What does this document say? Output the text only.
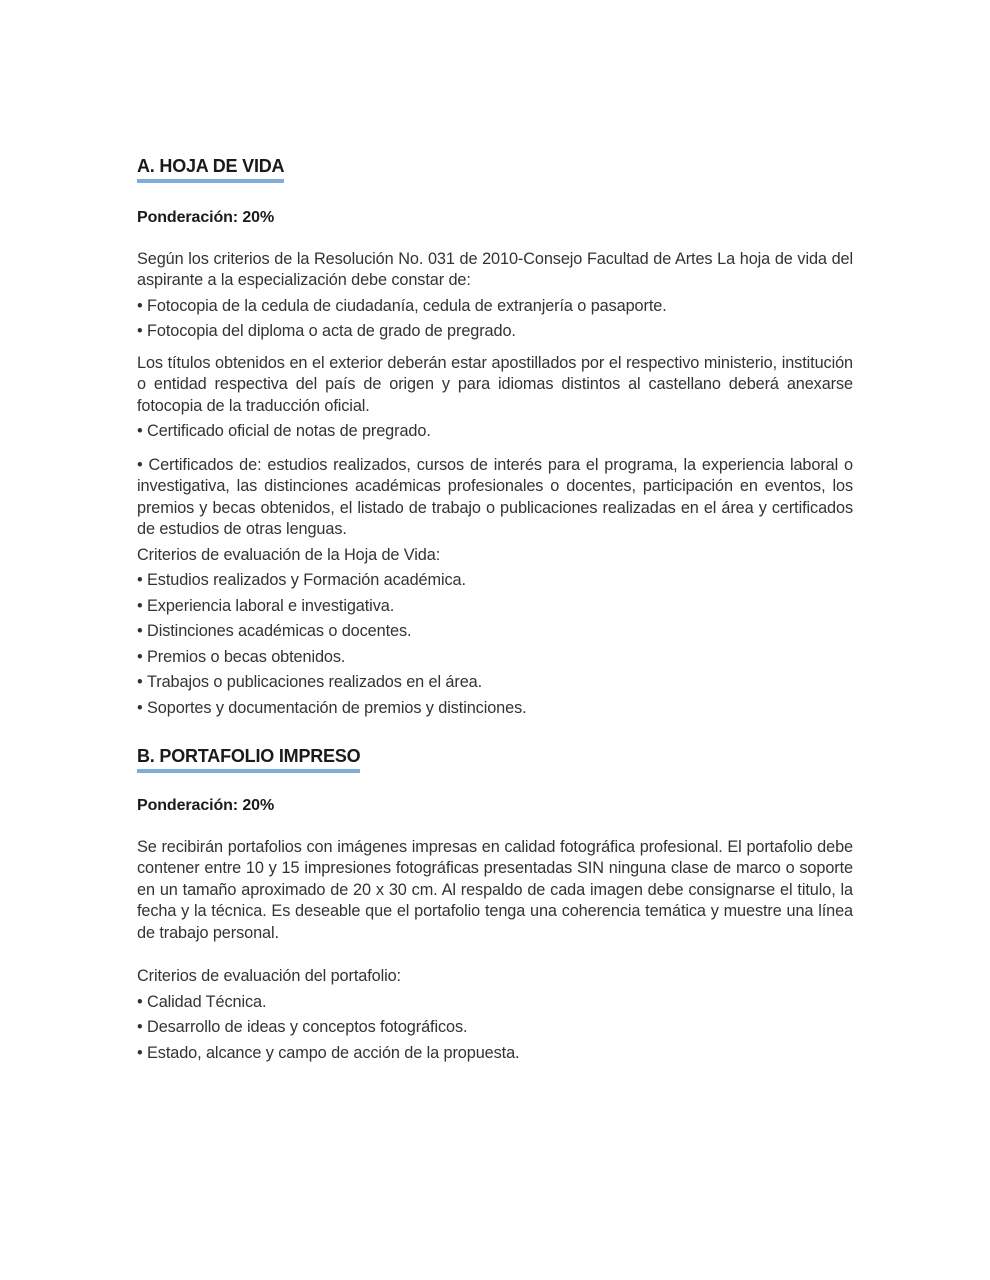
A. HOJA DE VIDA

Ponderación: 20%

Según los criterios de la Resolución No. 031 de 2010-Consejo Facultad de Artes La hoja de vida del aspirante a la especialización debe constar de:

• Fotocopia de la cedula de ciudadanía, cedula de extranjería o pasaporte.
• Fotocopia del diploma o acta de grado de pregrado.

Los títulos obtenidos en el exterior deberán estar apostillados por el respectivo ministerio, institución o entidad respectiva del país de origen y para idiomas distintos al castellano deberá anexarse fotocopia de la traducción oficial.

• Certificado oficial de notas de pregrado.

• Certificados de: estudios realizados, cursos de interés para el programa, la experiencia laboral o investigativa, las distinciones académicas profesionales o docentes, participación en eventos, los premios y becas obtenidos, el listado de trabajo o publicaciones realizadas en el área y certificados de estudios de otras lenguas.

Criterios de evaluación de la Hoja de Vida:

• Estudios realizados y Formación académica.
• Experiencia laboral e investigativa.
• Distinciones académicas o docentes.
• Premios o becas obtenidos.
• Trabajos o publicaciones realizados en el área.
• Soportes y documentación de premios y distinciones.
B. PORTAFOLIO IMPRESO

Ponderación: 20%

Se recibirán portafolios con imágenes impresas en calidad fotográfica profesional. El portafolio debe contener entre 10 y 15 impresiones fotográficas presentadas SIN ninguna clase de marco o soporte en un tamaño aproximado de 20 x 30 cm. Al respaldo de cada imagen debe consignarse el titulo, la fecha y la técnica. Es deseable que el portafolio tenga una coherencia temática y muestre una línea de trabajo personal.

Criterios de evaluación del portafolio:

• Calidad Técnica.
• Desarrollo de ideas y conceptos fotográficos.
• Estado, alcance y campo de acción de la propuesta.
